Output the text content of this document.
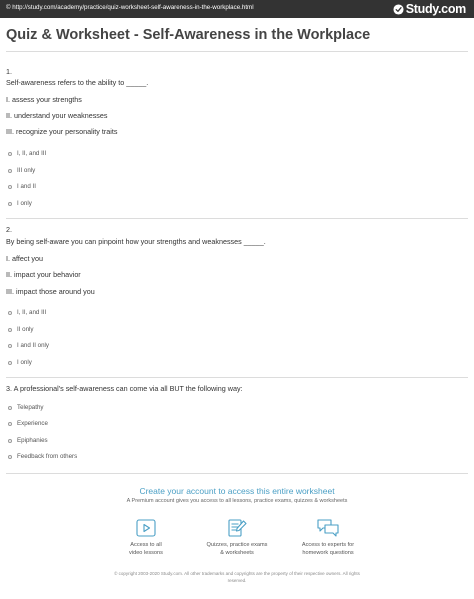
© http://study.com/academy/practice/quiz-worksheet-self-awareness-in-the-workplace.html	Study.com
Quiz & Worksheet - Self-Awareness in the Workplace
1.
Self-awareness refers to the ability to _____.
I. assess your strengths
II. understand your weaknesses
III. recognize your personality traits
I, II, and III
III only
I and II
I only
2.
By being self-aware you can pinpoint how your strengths and weaknesses _____.
I. affect you
II. impact your behavior
III. impact those around you
I, II, and III
II only
I and II only
I only
3. A professional's self-awareness can come via all BUT the following way:
Telepathy
Experience
Epiphanies
Feedback from others
Create your account to access this entire worksheet
A Premium account gives you access to all lessons, practice exams, quizzes & worksheets
Access to all
video lessons
Quizzes, practice exams
& worksheets
Access to experts for
homework questions
© copyright 2003-2020 Study.com. All other trademarks and copyrights are the property of their respective owners. All rights
reserved.
